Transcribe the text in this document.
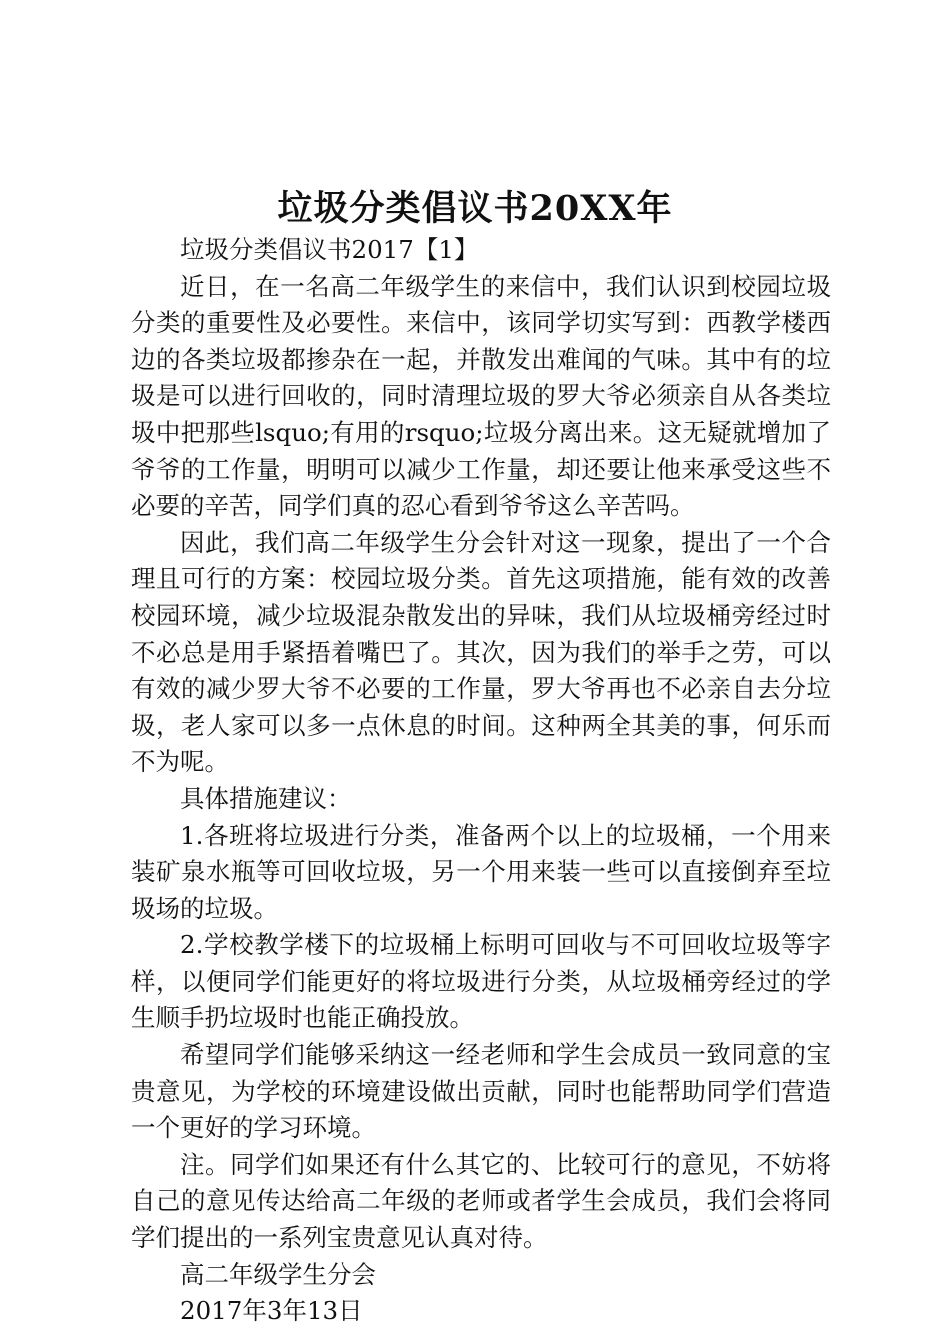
垃圾分类倡议书20XX年

垃圾分类倡议书2017【1】

近日，在一名高二年级学生的来信中，我们认识到校园垃圾分类的重要性及必要性。来信中，该同学切实写到：西教学楼西边的各类垃圾都掺杂在一起，并散发出难闻的气味。其中有的垃圾是可以进行回收的，同时清理垃圾的罗大爷必须亲自从各类垃圾中把那些lsquo;有用的rsquo;垃圾分离出来。这无疑就增加了爷爷的工作量，明明可以减少工作量，却还要让他来承受这些不必要的辛苦，同学们真的忍心看到爷爷这么辛苦吗。

因此，我们高二年级学生分会针对这一现象，提出了一个合理且可行的方案：校园垃圾分类。首先这项措施，能有效的改善校园环境，减少垃圾混杂散发出的异味，我们从垃圾桶旁经过时不必总是用手紧捂着嘴巴了。其次，因为我们的举手之劳，可以有效的减少罗大爷不必要的工作量，罗大爷再也不必亲自去分垃圾，老人家可以多一点休息的时间。这种两全其美的事，何乐而不为呢。

具体措施建议：

1.各班将垃圾进行分类，准备两个以上的垃圾桶，一个用来装矿泉水瓶等可回收垃圾，另一个用来装一些可以直接倒弃至垃圾场的垃圾。

2.学校教学楼下的垃圾桶上标明可回收与不可回收垃圾等字样，以便同学们能更好的将垃圾进行分类，从垃圾桶旁经过的学生顺手扔垃圾时也能正确投放。

希望同学们能够采纳这一经老师和学生会成员一致同意的宝贵意见，为学校的环境建设做出贡献，同时也能帮助同学们营造一个更好的学习环境。

注。同学们如果还有什么其它的、比较可行的意见，不妨将自己的意见传达给高二年级的老师或者学生会成员，我们会将同学们提出的一系列宝贵意见认真对待。

高二年级学生分会

2017年3年13日
